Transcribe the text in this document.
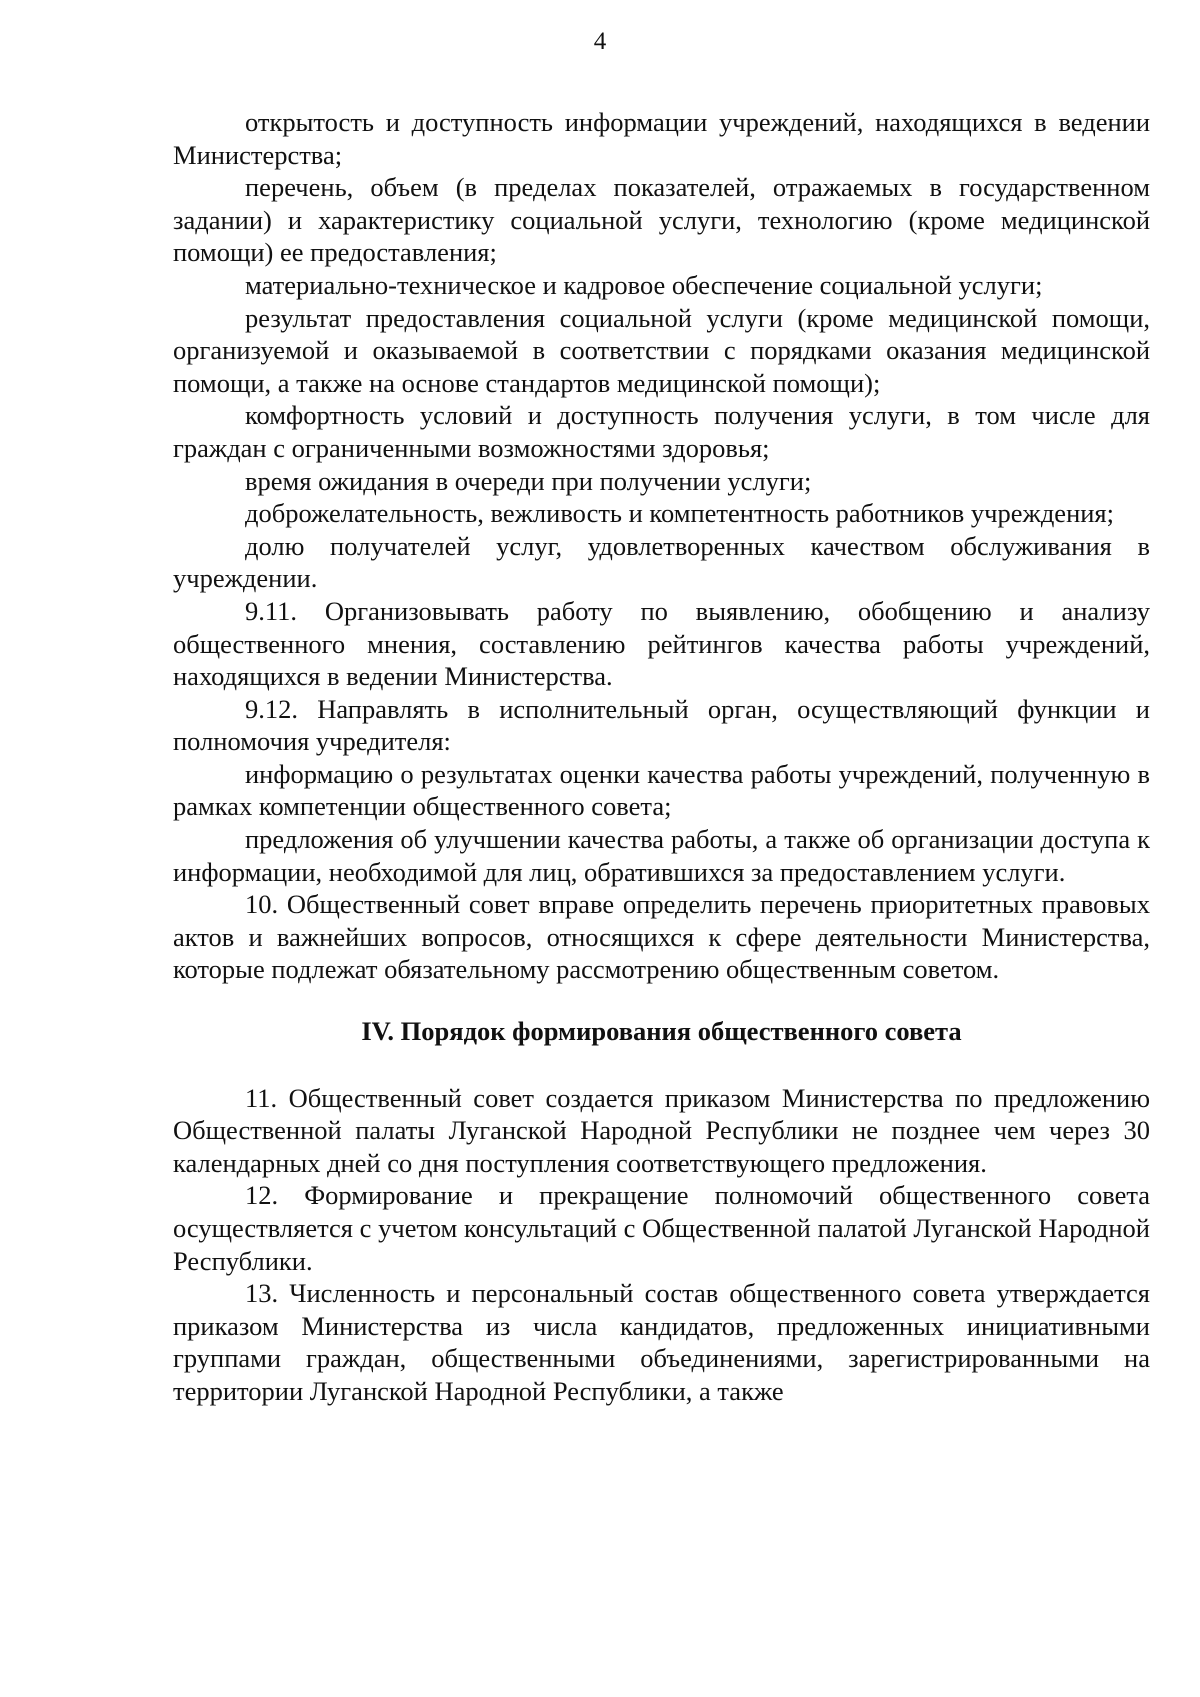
4

открытость и доступность информации учреждений, находящихся в ведении Министерства;

перечень, объем (в пределах показателей, отражаемых в государственном задании) и характеристику социальной услуги, технологию (кроме медицинской помощи) ее предоставления;

материально-техническое и кадровое обеспечение социальной услуги;

результат предоставления социальной услуги (кроме медицинской помощи, организуемой и оказываемой в соответствии с порядками оказания медицинской помощи, а также на основе стандартов медицинской помощи);

комфортность условий и доступность получения услуги, в том числе для граждан с ограниченными возможностями здоровья;

время ожидания в очереди при получении услуги;

доброжелательность, вежливость и компетентность работников учреждения;

долю получателей услуг, удовлетворенных качеством обслуживания в учреждении.

9.11. Организовывать работу по выявлению, обобщению и анализу общественного мнения, составлению рейтингов качества работы учреждений, находящихся в ведении Министерства.

9.12. Направлять в исполнительный орган, осуществляющий функции и полномочия учредителя:

информацию о результатах оценки качества работы учреждений, полученную в рамках компетенции общественного совета;

предложения об улучшении качества работы, а также об организации доступа к информации, необходимой для лиц, обратившихся за предоставлением услуги.

10. Общественный совет вправе определить перечень приоритетных правовых актов и важнейших вопросов, относящихся к сфере деятельности Министерства, которые подлежат обязательному рассмотрению общественным советом.

IV. Порядок формирования общественного совета

11. Общественный совет создается приказом Министерства по предложению Общественной палаты Луганской Народной Республики не позднее чем через 30 календарных дней со дня поступления соответствующего предложения.

12. Формирование и прекращение полномочий общественного совета осуществляется с учетом консультаций с Общественной палатой Луганской Народной Республики.

13. Численность и персональный состав общественного совета утверждается приказом Министерства из числа кандидатов, предложенных инициативными группами граждан, общественными объединениями, зарегистрированными на территории Луганской Народной Республики, а также
